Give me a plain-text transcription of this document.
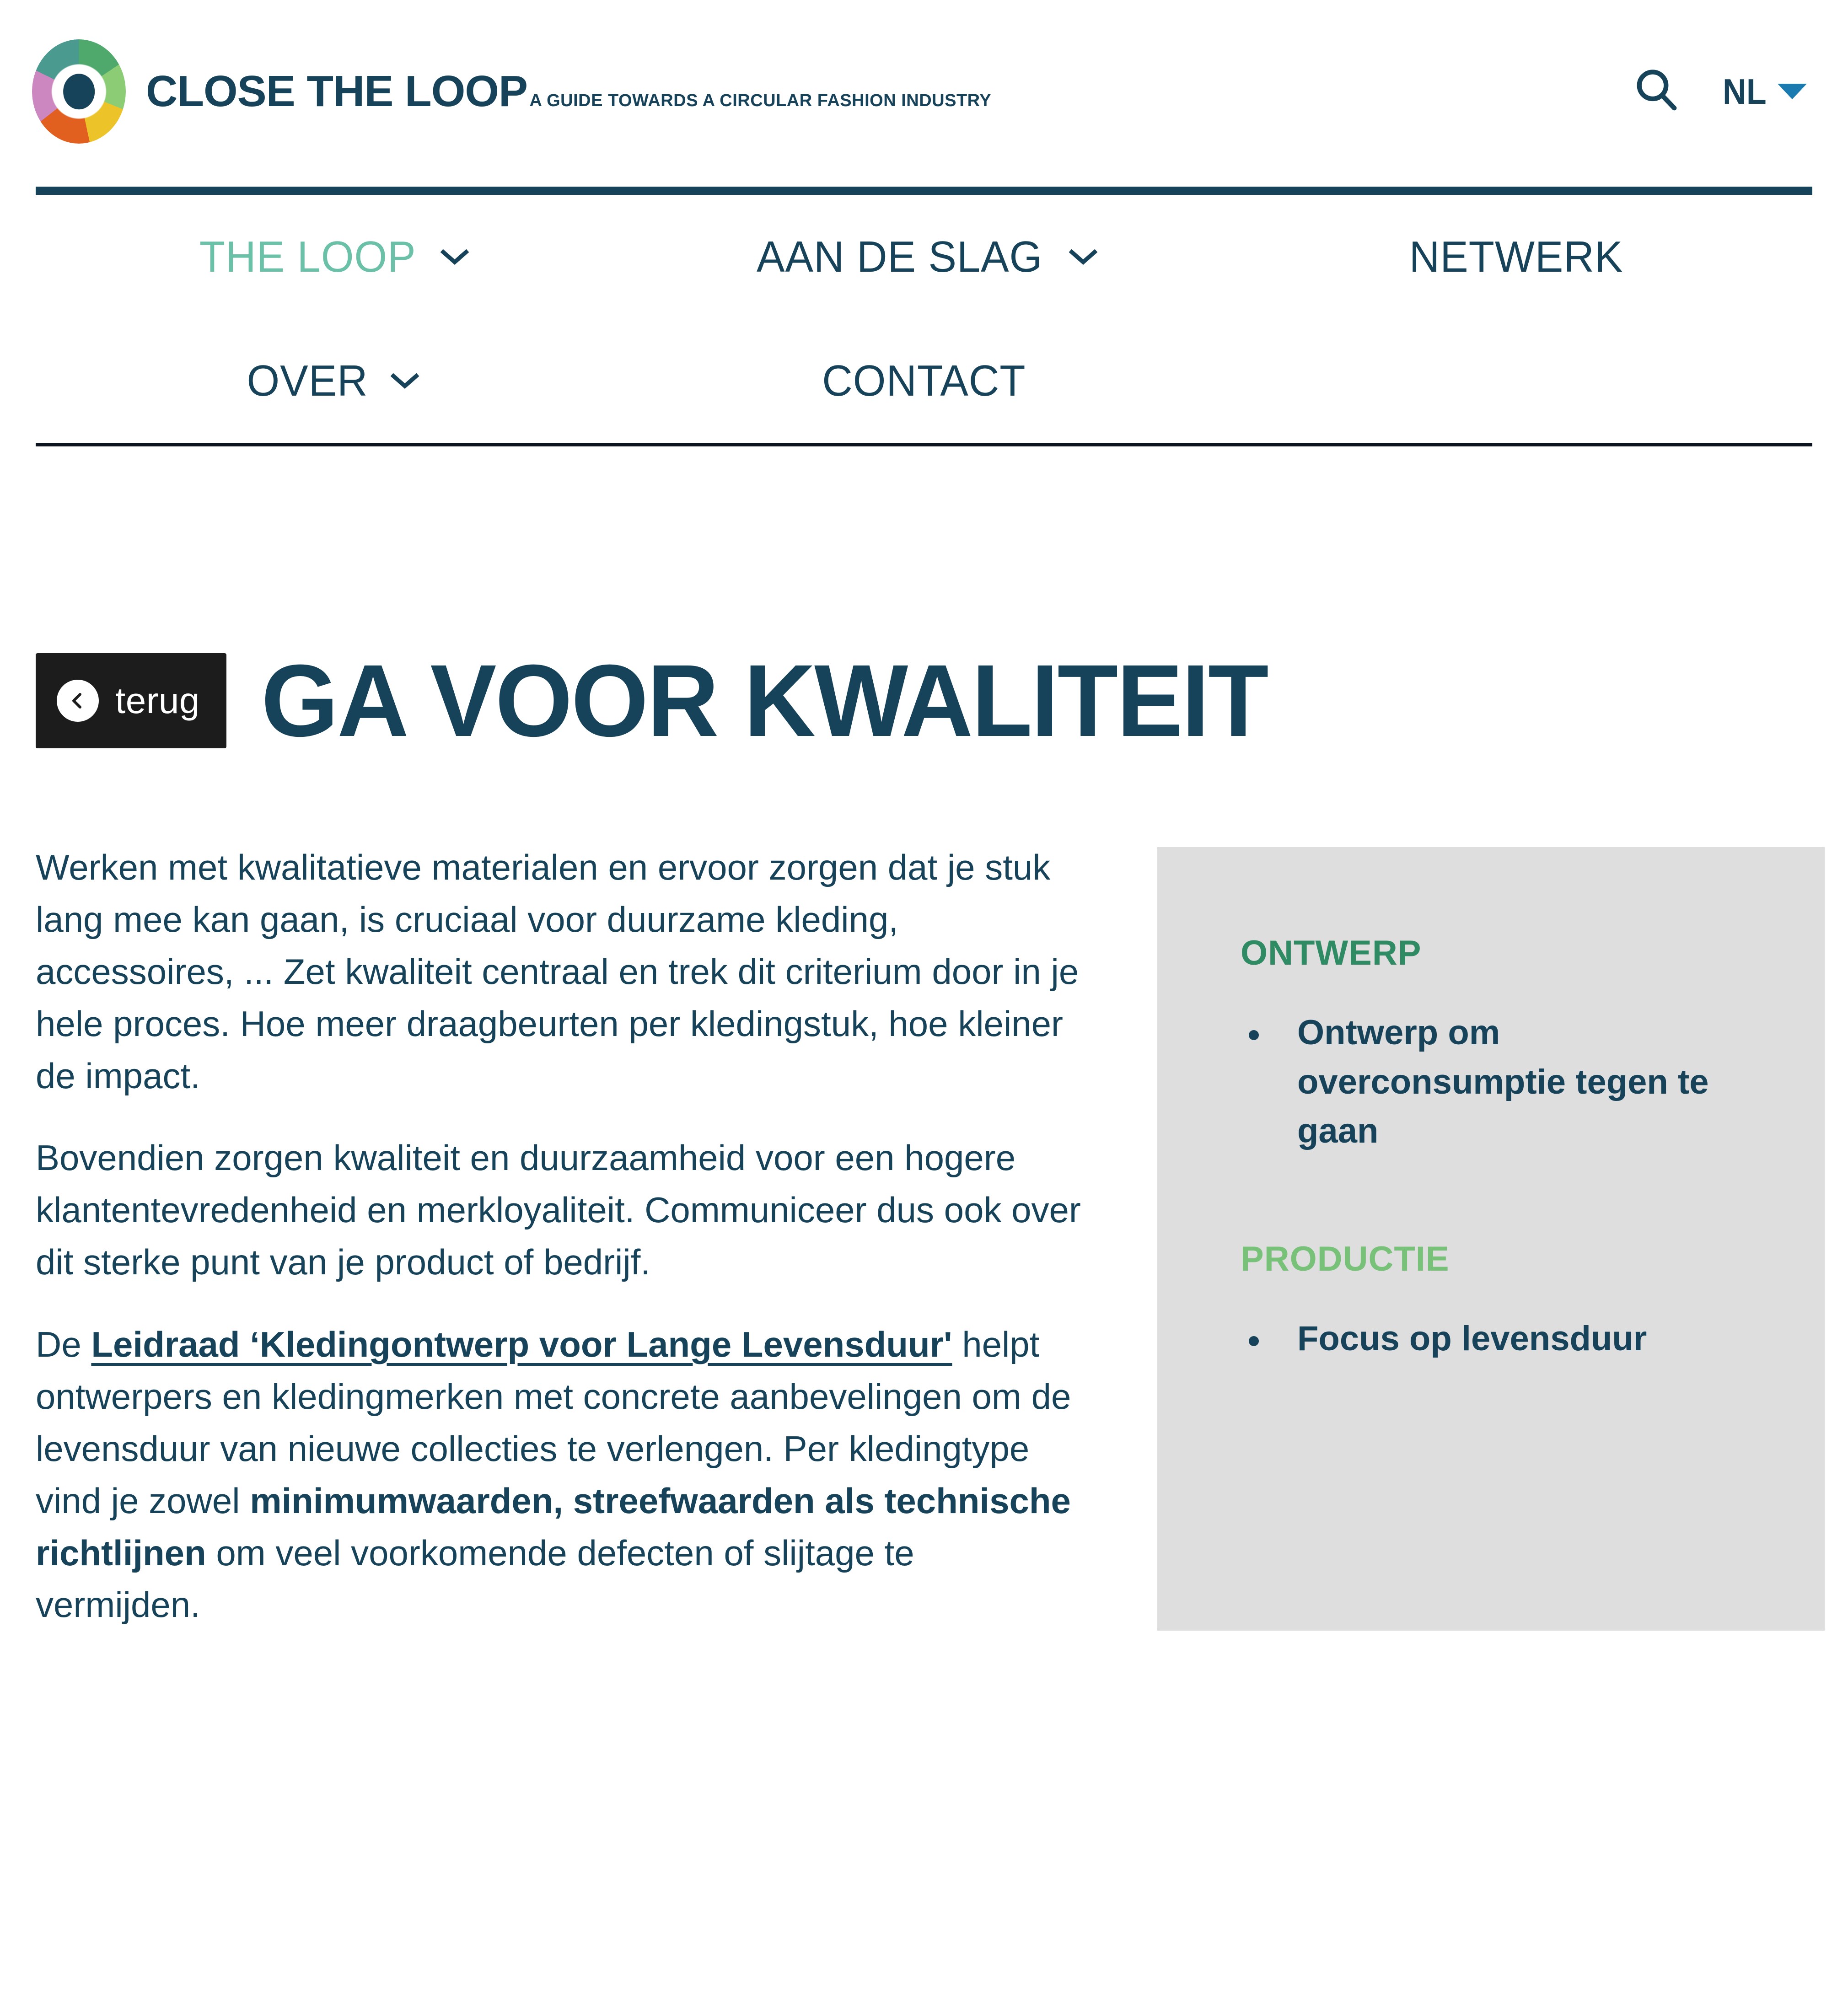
CLOSE THE LOOP A GUIDE TOWARDS A CIRCULAR FASHION INDUSTRY	NL
THE LOOP	AAN DE SLAG	NETWERK
OVER	CONTACT
terug GA VOOR KWALITEIT

Werken met kwalitatieve materialen en ervoor zorgen dat je stuk lang mee kan gaan, is cruciaal voor duurzame kleding, accessoires, ... Zet kwaliteit centraal en trek dit criterium door in je hele proces. Hoe meer draagbeurten per kledingstuk, hoe kleiner de impact.

Bovendien zorgen kwaliteit en duurzaamheid voor een hogere klantentevredenheid en merkloyaliteit. Communiceer dus ook over dit sterke punt van je product of bedrijf.

De Leidraad ‘Kledingontwerp voor Lange Levensduur' helpt ontwerpers en kledingmerken met concrete aanbevelingen om de levensduur van nieuwe collecties te verlengen. Per kledingtype vind je zowel minimumwaarden, streefwaarden als technische richtlijnen om veel voorkomende defecten of slijtage te vermijden.

ONTWERP
Ontwerp om overconsumptie tegen te gaan
PRODUCTIE
Focus op levensduur
